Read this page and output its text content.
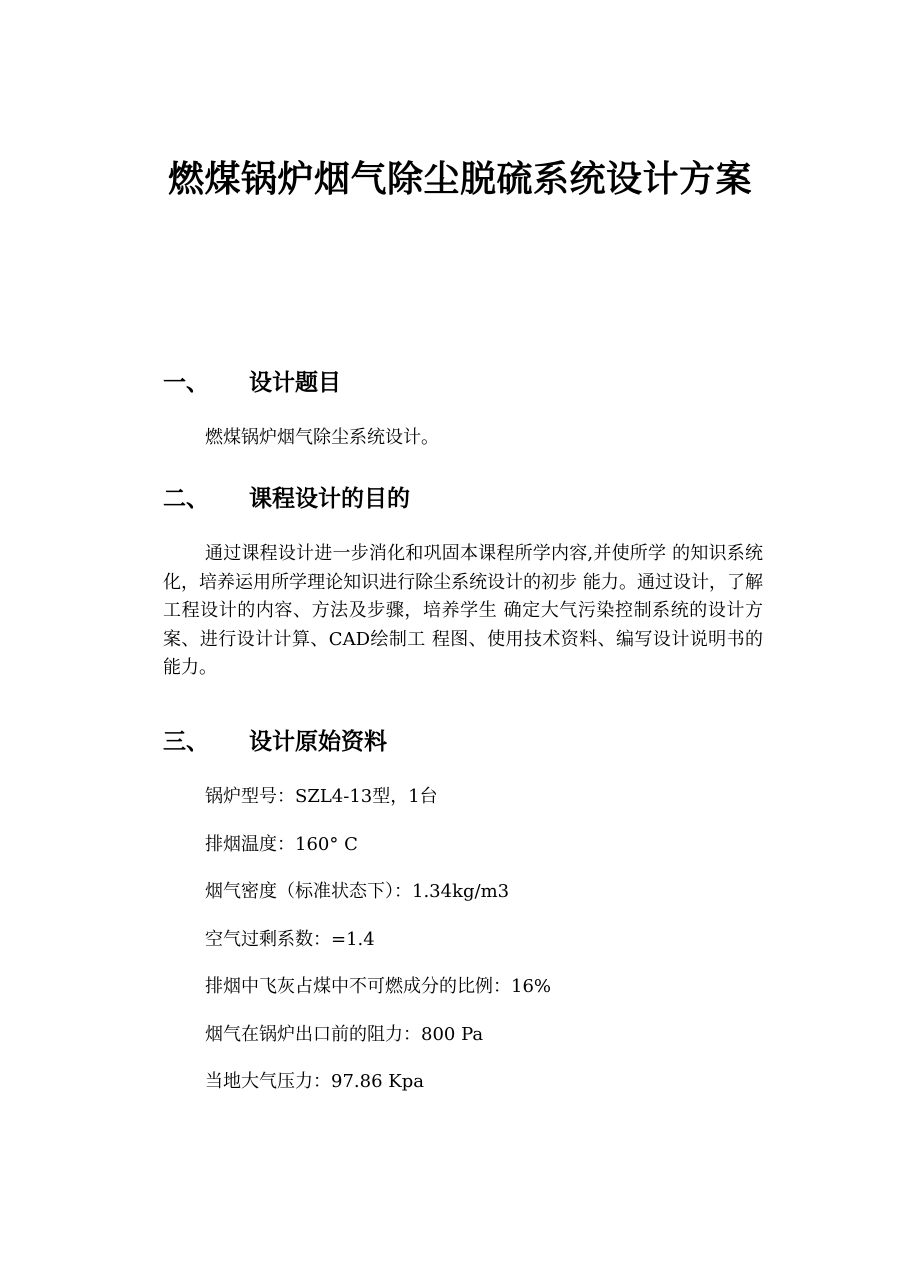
燃煤锅炉烟气除尘脱硫系统设计方案
一、 设计题目
燃煤锅炉烟气除尘系统设计。
二、 课程设计的目的
通过课程设计进一步消化和巩固本课程所学内容,并使所学 的知识系统化，培养运用所学理论知识进行除尘系统设计的初步 能力。通过设计，了解工程设计的内容、方法及步骤，培养学生 确定大气污染控制系统的设计方案、进行设计计算、CAD绘制工 程图、使用技术资料、编写设计说明书的能力。
三、 设计原始资料
锅炉型号：SZL4-13型，1台
排烟温度：160° C
烟气密度（标准状态下）：1.34kg/m3
空气过剩系数：=1.4
排烟中飞灰占煤中不可燃成分的比例：16%
烟气在锅炉出口前的阻力：800 Pa
当地大气压力：97.86 Kpa
